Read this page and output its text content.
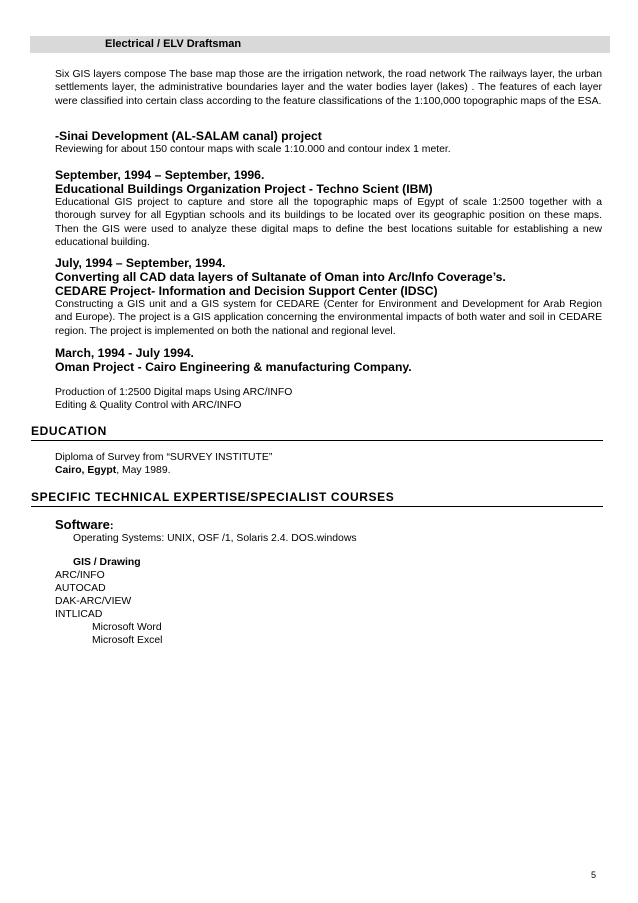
Electrical / ELV Draftsman

Six GIS layers compose The base map those are the irrigation network, the road network The railways layer, the urban settlements layer, the administrative boundaries layer and the water bodies layer (lakes) . The features of each layer were classified into certain class according to the feature classifications of the 1:100,000 topographic maps of the ESA.

-Sinai Development (AL-SALAM canal) project

Reviewing for about 150 contour maps with scale 1:10.000 and contour index 1 meter.

September, 1994 – September, 1996.

Educational Buildings Organization Project - Techno Scient (IBM)

Educational GIS project to capture and store all the topographic maps of Egypt of scale 1:2500 together with a thorough survey for all Egyptian schools and its buildings to be located over its geographic position on these maps. Then the GIS were used to analyze these digital maps to define the best locations suitable for establishing a new educational building.

July, 1994 – September, 1994.

Converting all CAD data layers of Sultanate of Oman into Arc/Info Coverage’s.

CEDARE Project- Information and Decision Support Center (IDSC)

Constructing a GIS unit and a GIS system for CEDARE (Center for Environment and Development for Arab Region and Europe). The project is a GIS application concerning the environmental impacts of both water and soil in CEDARE region. The project is implemented on both the national and regional level.

March, 1994 - July 1994.

Oman Project - Cairo Engineering & manufacturing Company.

Production of 1:2500 Digital maps Using ARC/INFO

Editing & Quality Control with ARC/INFO

EDUCATION

Diploma of Survey from “SURVEY INSTITUTE”

Cairo, Egypt, May 1989.

SPECIFIC TECHNICAL EXPERTISE/SPECIALIST COURSES

Software:

Operating Systems: UNIX, OSF /1, Solaris 2.4. DOS.windows

GIS / Drawing

ARC/INFO

AUTOCAD

DAK-ARC/VIEW

INTLICAD

Microsoft Word

Microsoft Excel

5
